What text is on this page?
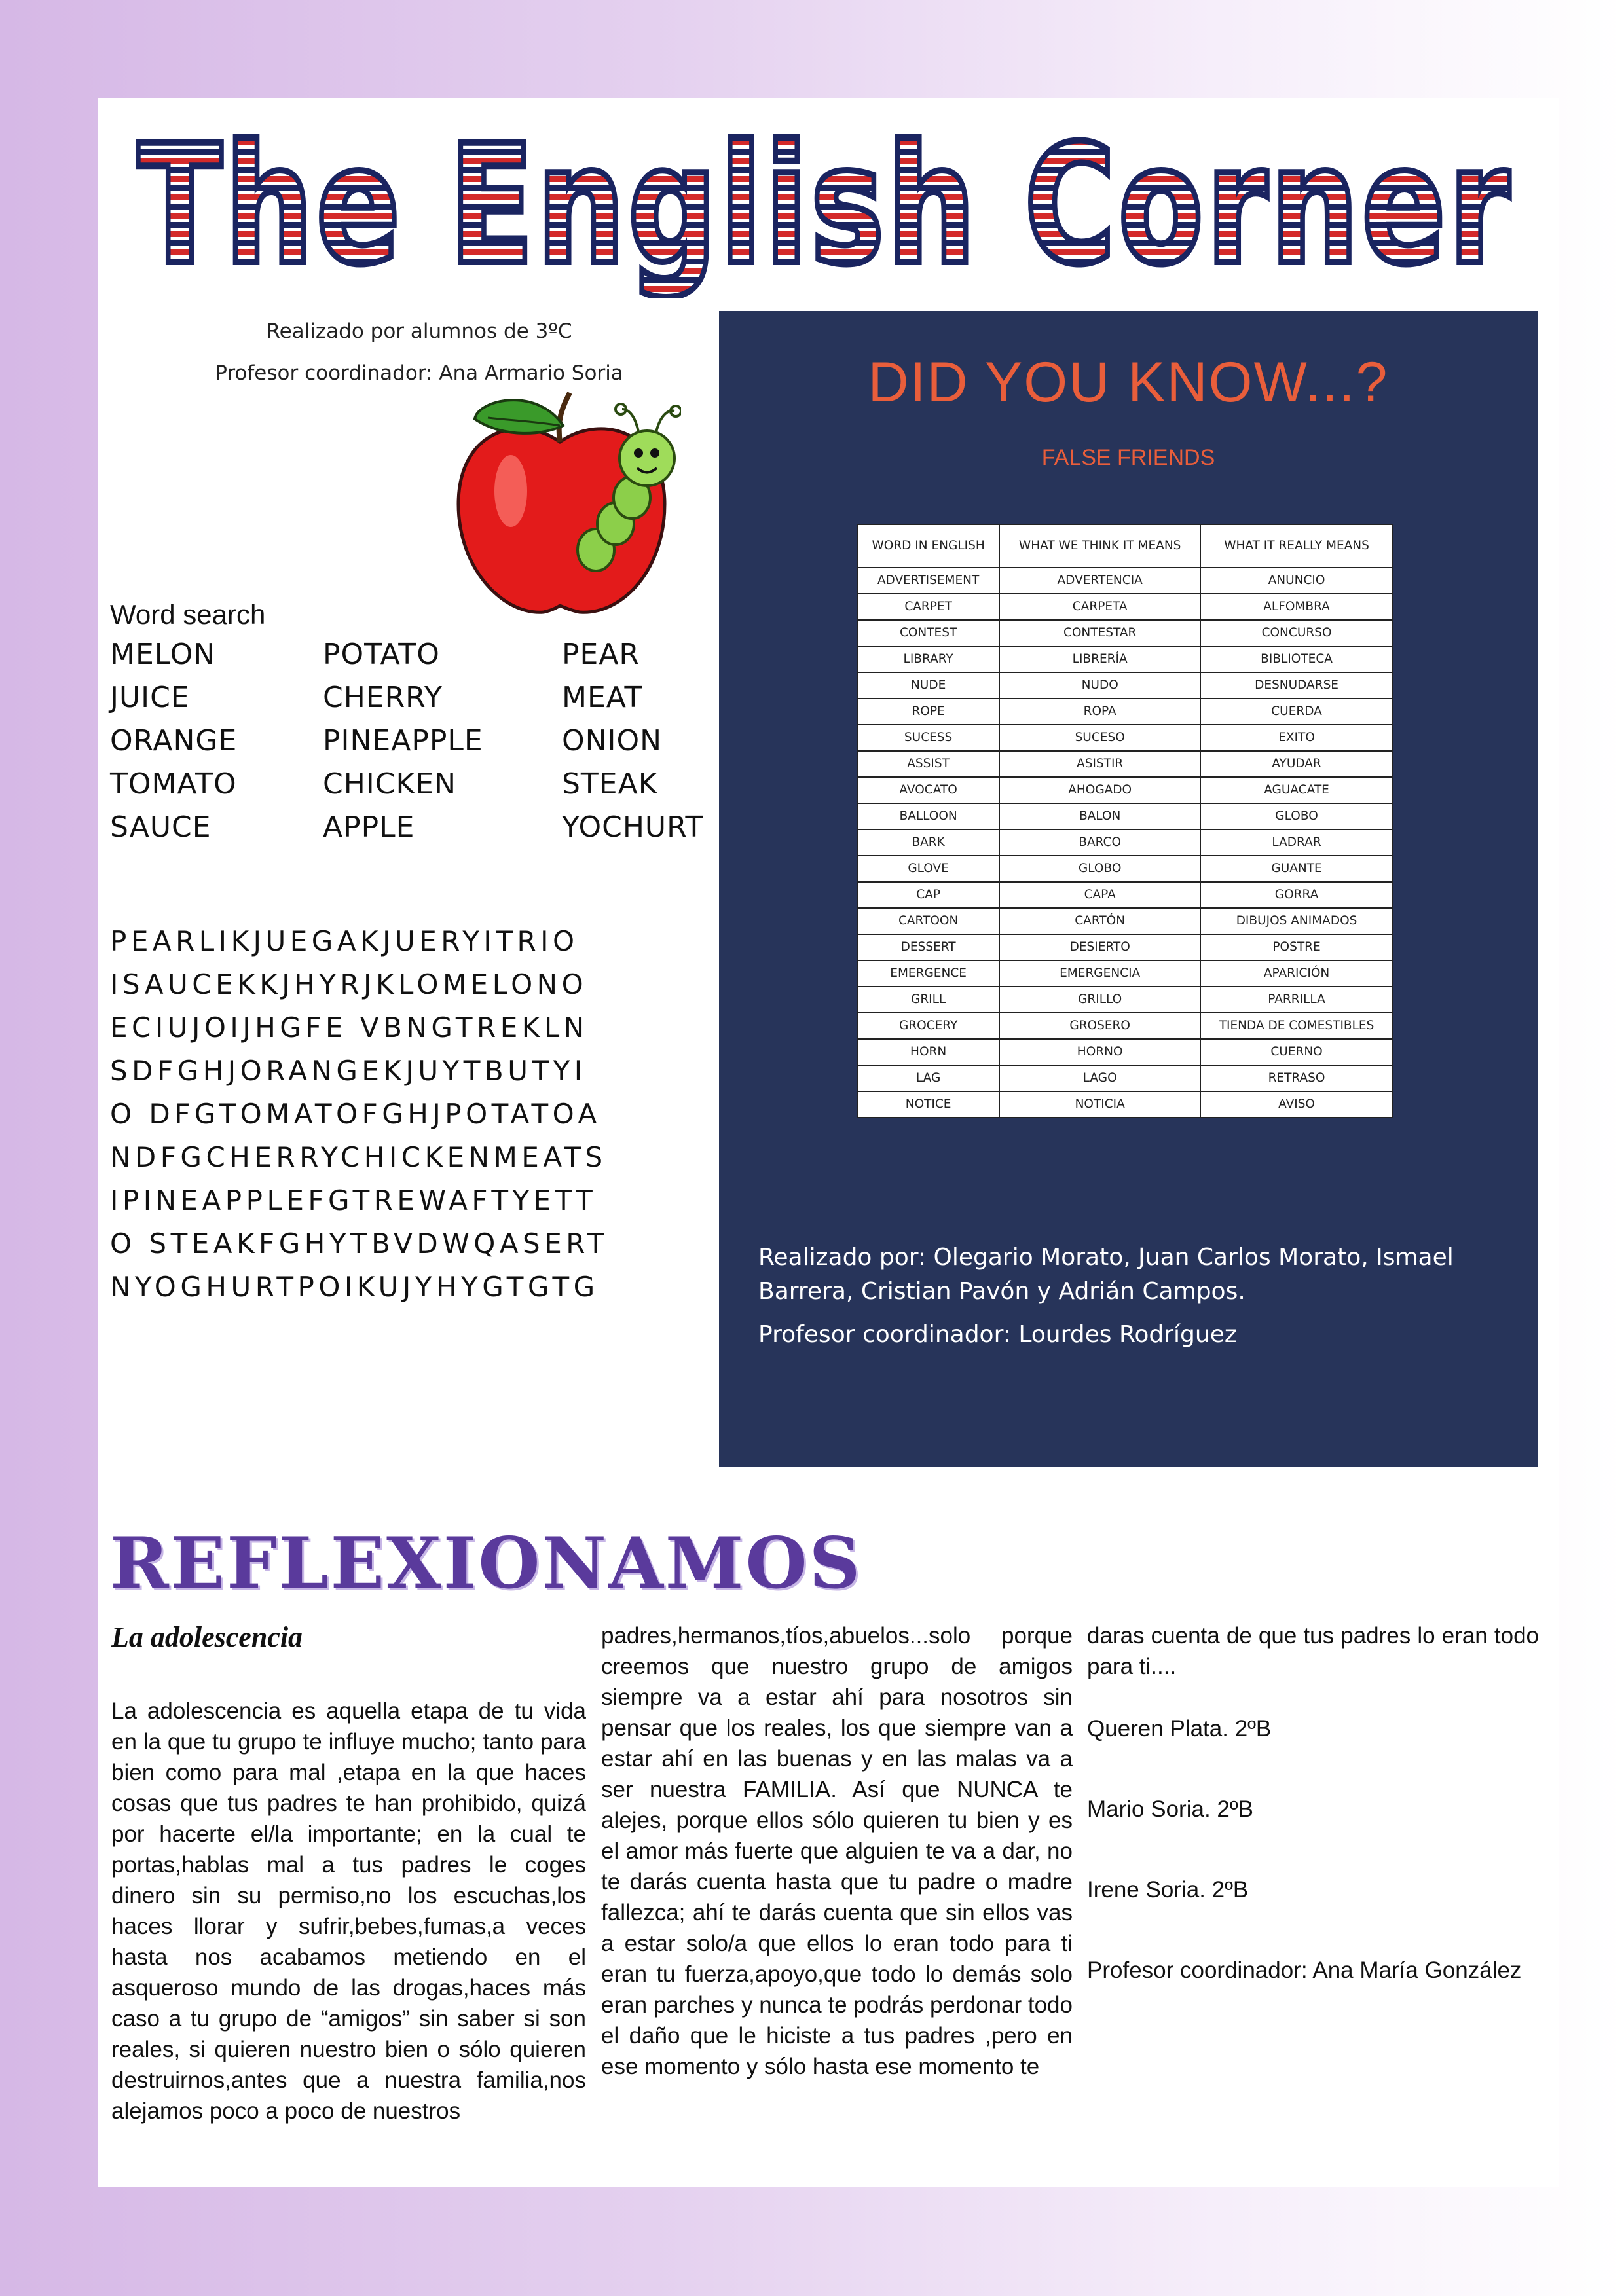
The English Corner
Realizado por alumnos de 3ºC
Profesor coordinador: Ana Armario Soria
Word search
MELON	POTATO	PEAR
JUICE	CHERRY	MEAT
ORANGE	PINEAPPLE	ONION
TOMATO	CHICKEN	STEAK
SAUCE	APPLE	YOCHURT
PEARLIKJUEGAKJUERYITRIO
ISAUCEKKJHYRJKLOMELONO
ECIUJOIJHGFE VBNGTREKLN
SDFGHJORANGEKJUYTBUTYI
O DFGTOMATOFGHJPOTATOA
NDFGCHERRYCHICKENMEATS
IPINEAPPLEFGTREWAFTYETT
O STEAKFGHYTBVDWQASERT
NYOGHURTPOIKUJYHYGTGTG
DID YOU KNOW...?
FALSE FRIENDS
WORD IN ENGLISH	WHAT WE THINK IT MEANS	WHAT IT REALLY MEANS
ADVERTISEMENT	ADVERTENCIA	ANUNCIO
CARPET	CARPETA	ALFOMBRA
CONTEST	CONTESTAR	CONCURSO
LIBRARY	LIBRERÍA	BIBLIOTECA
NUDE	NUDO	DESNUDARSE
ROPE	ROPA	CUERDA
SUCESS	SUCESO	EXITO
ASSIST	ASISTIR	AYUDAR
AVOCATO	AHOGADO	AGUACATE
BALLOON	BALON	GLOBO
BARK	BARCO	LADRAR
GLOVE	GLOBO	GUANTE
CAP	CAPA	GORRA
CARTOON	CARTÓN	DIBUJOS ANIMADOS
DESSERT	DESIERTO	POSTRE
EMERGENCE	EMERGENCIA	APARICIÓN
GRILL	GRILLO	PARRILLA
GROCERY	GROSERO	TIENDA DE COMESTIBLES
HORN	HORNO	CUERNO
LAG	LAGO	RETRASO
NOTICE	NOTICIA	AVISO
Realizado por: Olegario Morato, Juan Carlos Morato, Ismael Barrera, Cristian Pavón y Adrián Campos.
Profesor coordinador: Lourdes Rodríguez
REFLEXIONAMOS
La adolescencia
La adolescencia es aquella etapa de tu vida en la que tu grupo te influye mucho; tanto para bien como para mal ,etapa en la que haces cosas que tus padres te han prohibido, quizá por hacerte el/la importante; en la cual te portas,hablas mal a tus padres le coges dinero sin su permiso,no los escuchas,los haces llorar y sufrir,bebes,fumas,a veces hasta nos acabamos metiendo en el asqueroso mundo de las drogas,haces más caso a tu grupo de “amigos” sin saber si son reales, si quieren nuestro bien o sólo quieren destruirnos,antes que a nuestra familia,nos alejamos poco a poco de nuestros
padres,hermanos,tíos,abuelos...solo porque creemos que nuestro grupo de amigos siempre va a estar ahí para nosotros sin pensar que los reales, los que siempre van a estar ahí en las buenas y en las malas va a ser nuestra FAMILIA. Así que NUNCA te alejes, porque ellos sólo quieren tu bien y es el amor más fuerte que alguien te va a dar, no te darás cuenta hasta que tu padre o madre fallezca; ahí te darás cuenta que sin ellos vas a estar solo/a que ellos lo eran todo para ti eran tu fuerza,apoyo,que todo lo demás solo eran parches y nunca te podrás perdonar todo el daño que le hiciste a tus padres ,pero en ese momento y sólo hasta ese momento te

daras cuenta de que tus padres lo eran todo para ti....

Queren Plata. 2ºB

Mario Soria. 2ºB

Irene Soria. 2ºB

Profesor coordinador: Ana María González
